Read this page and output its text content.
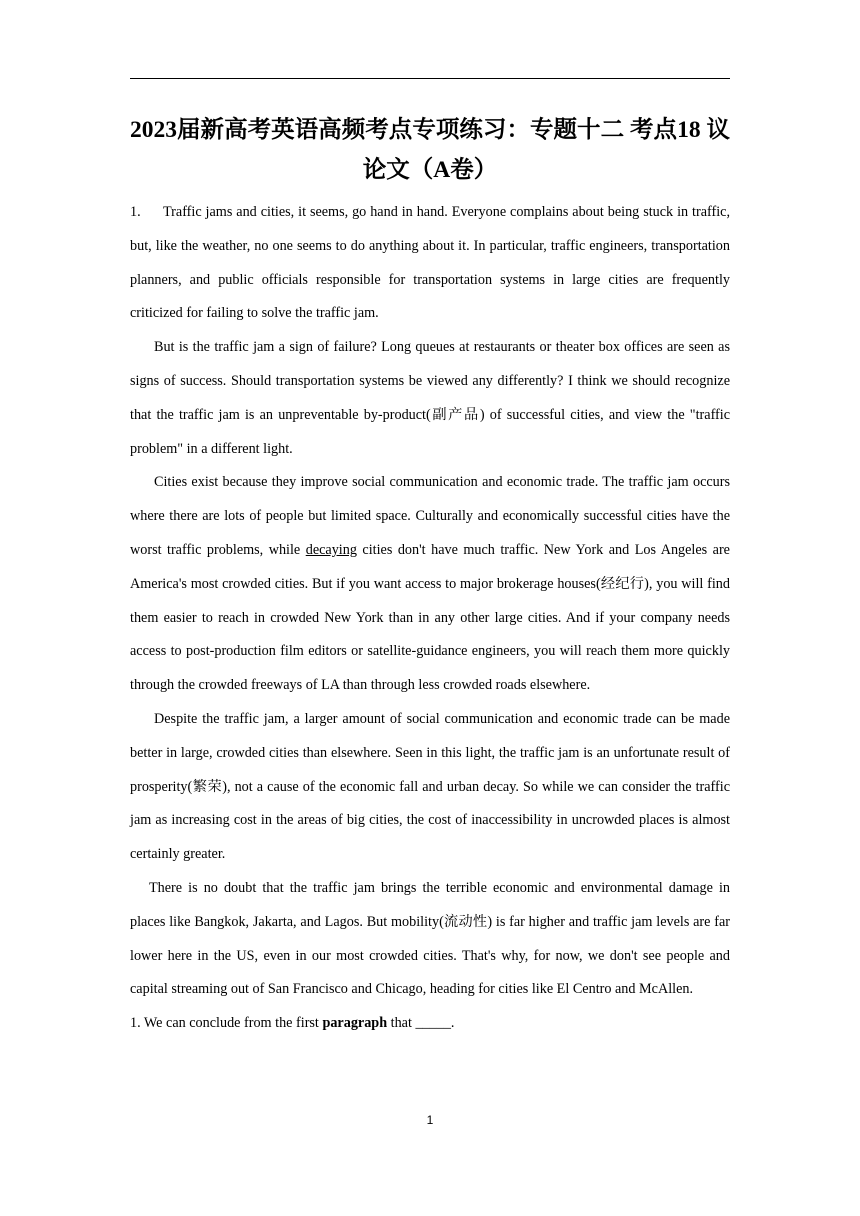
2023届新高考英语高频考点专项练习：专题十二 考点18 议论文（A卷）

1. Traffic jams and cities, it seems, go hand in hand. Everyone complains about being stuck in traffic, but, like the weather, no one seems to do anything about it. In particular, traffic engineers, transportation planners, and public officials responsible for transportation systems in large cities are frequently criticized for failing to solve the traffic jam.

But is the traffic jam a sign of failure? Long queues at restaurants or theater box offices are seen as signs of success. Should transportation systems be viewed any differently? I think we should recognize that the traffic jam is an unpreventable by-product(副产品) of successful cities, and view the "traffic problem" in a different light.

Cities exist because they improve social communication and economic trade. The traffic jam occurs where there are lots of people but limited space. Culturally and economically successful cities have the worst traffic problems, while decaying cities don't have much traffic. New York and Los Angeles are America's most crowded cities. But if you want access to major brokerage houses(经纪行), you will find them easier to reach in crowded New York than in any other large cities. And if your company needs access to post-production film editors or satellite-guidance engineers, you will reach them more quickly through the crowded freeways of LA than through less crowded roads elsewhere.

Despite the traffic jam, a larger amount of social communication and economic trade can be made better in large, crowded cities than elsewhere. Seen in this light, the traffic jam is an unfortunate result of prosperity(繁荣), not a cause of the economic fall and urban decay. So while we can consider the traffic jam as increasing cost in the areas of big cities, the cost of inaccessibility in uncrowded places is almost certainly greater.

There is no doubt that the traffic jam brings the terrible economic and environmental damage in places like Bangkok, Jakarta, and Lagos. But mobility(流动性) is far higher and traffic jam levels are far lower here in the US, even in our most crowded cities. That's why, for now, we don't see people and capital streaming out of San Francisco and Chicago, heading for cities like El Centro and McAllen.

1. We can conclude from the first paragraph that _____.
1
